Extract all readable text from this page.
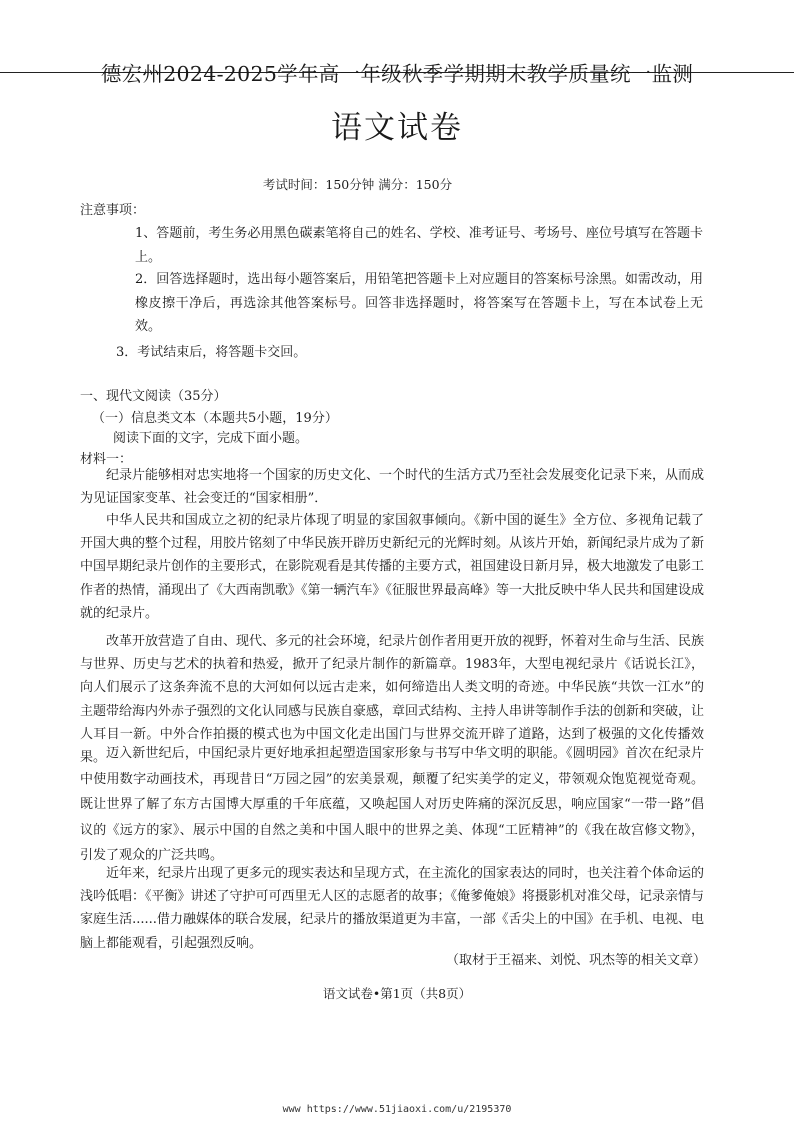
德宏州2024-2025学年高一年级秋季学期期末教学质量统一监测
语文试卷
考试时间：150分钟 满分：150分
注意事项：
1、答题前，考生务必用黑色碳素笔将自己的姓名、学校、准考证号、考场号、座位号填写在答题卡上。
2．回答选择题时，选出每小题答案后，用铅笔把答题卡上对应题目的答案标号涂黑。如需改动，用橡皮擦干净后，再选涂其他答案标号。回答非选择题时，将答案写在答题卡上，写在本试卷上无效。
3．考试结束后，将答题卡交回。
一、现代文阅读（35分）
（一）信息类文本（本题共5小题，19分）
阅读下面的文字，完成下面小题。
材料一：
纪录片能够相对忠实地将一个国家的历史文化、一个时代的生活方式乃至社会发展变化记录下来，从而成为见证国家变革、社会变迁的“国家相册”．
中华人民共和国成立之初的纪录片体现了明显的家国叙事倾向。《新中国的诞生》全方位、多视角记载了开国大典的整个过程，用胶片铭刻了中华民族开辟历史新纪元的光辉时刻。从该片开始，新闻纪录片成为了新中国早期纪录片创作的主要形式，在影院观看是其传播的主要方式，祖国建设日新月异，极大地激发了电影工作者的热情，涌现出了《大西南凯歌》《第一辆汽车》《征服世界最高峰》等一大批反映中华人民共和国建设成就的纪录片。
改革开放营造了自由、现代、多元的社会环境，纪录片创作者用更开放的视野，怀着对生命与生活、民族与世界、历史与艺术的执着和热爱，掀开了纪录片制作的新篇章。1983年，大型电视纪录片《话说长江》，向人们展示了这条奔流不息的大河如何以远古走来，如何缔造出人类文明的奇迹。中华民族“共饮一江水”的主题带给海内外赤子强烈的文化认同感与民族自豪感，章回式结构、主持人串讲等制作手法的创新和突破，让人耳目一新。中外合作拍摄的模式也为中国文化走出国门与世界交流开辟了道路，达到了极强的文化传播效果。 迈入新世纪后，中国纪录片更好地承担起塑造国家形象与书写中华文明的职能。《圆明园》首次在纪录片中使用数字动画技术，再现昔日“万园之园”的宏美景观，颠覆了纪实美学的定义，带领观众饱览视觉奇观。既让世界了解了东方古国博大厚重的千年底蕴，又唤起国人对历史阵痛的深沉反思，响应国家“一带一路”倡议的《远方的家》、展示中国的自然之美和中国人眼中的世界之美、体现“工匠精神”的《我在故宫修文物》，引发了观众的广泛共鸣。
近年来，纪录片出现了更多元的现实表达和呈现方式，在主流化的国家表达的同时，也关注着个体命运的浅吟低唱：《平衡》讲述了守护可可西里无人区的志愿者的故事；《俺爹俺娘》将摄影机对准父母，记录亲情与家庭生活......借力融媒体的联合发展，纪录片的播放渠道更为丰富，一部《舌尖上的中国》在手机、电视、电脑上都能观看，引起强烈反响。
（取材于王福来、刘悦、巩杰等的相关文章）
语文试卷•第1页（共8页）
www https://www.51jiaoxi.com/u/2195370
